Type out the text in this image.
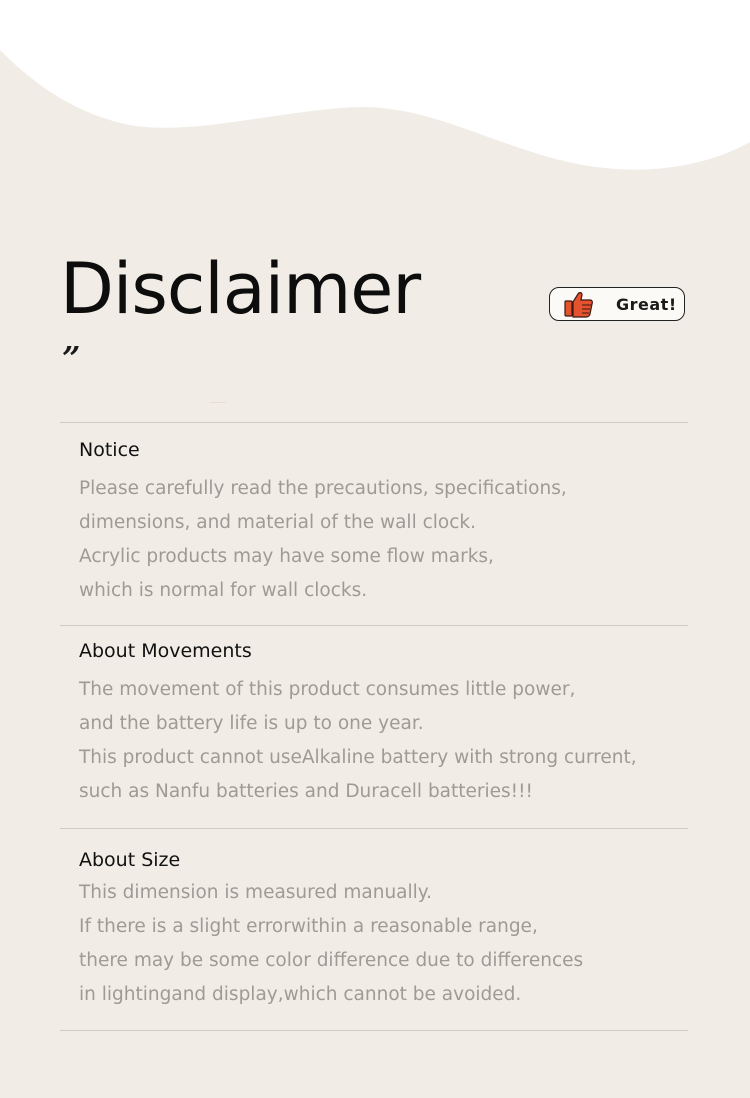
Disclaimer
”
Great!
Notice
Please carefully read the precautions, specifications,
dimensions, and material of the wall clock.
Acrylic products may have some flow marks,
which is normal for wall clocks.
About Movements
The movement of this product consumes little power,
and the battery life is up to one year.
This product cannot useAlkaline battery with strong current,
such as Nanfu batteries and Duracell batteries!!!
About Size
This dimension is measured manually.
If there is a slight errorwithin a reasonable range,
there may be some color difference due to differences
in lightingand display,which cannot be avoided.
